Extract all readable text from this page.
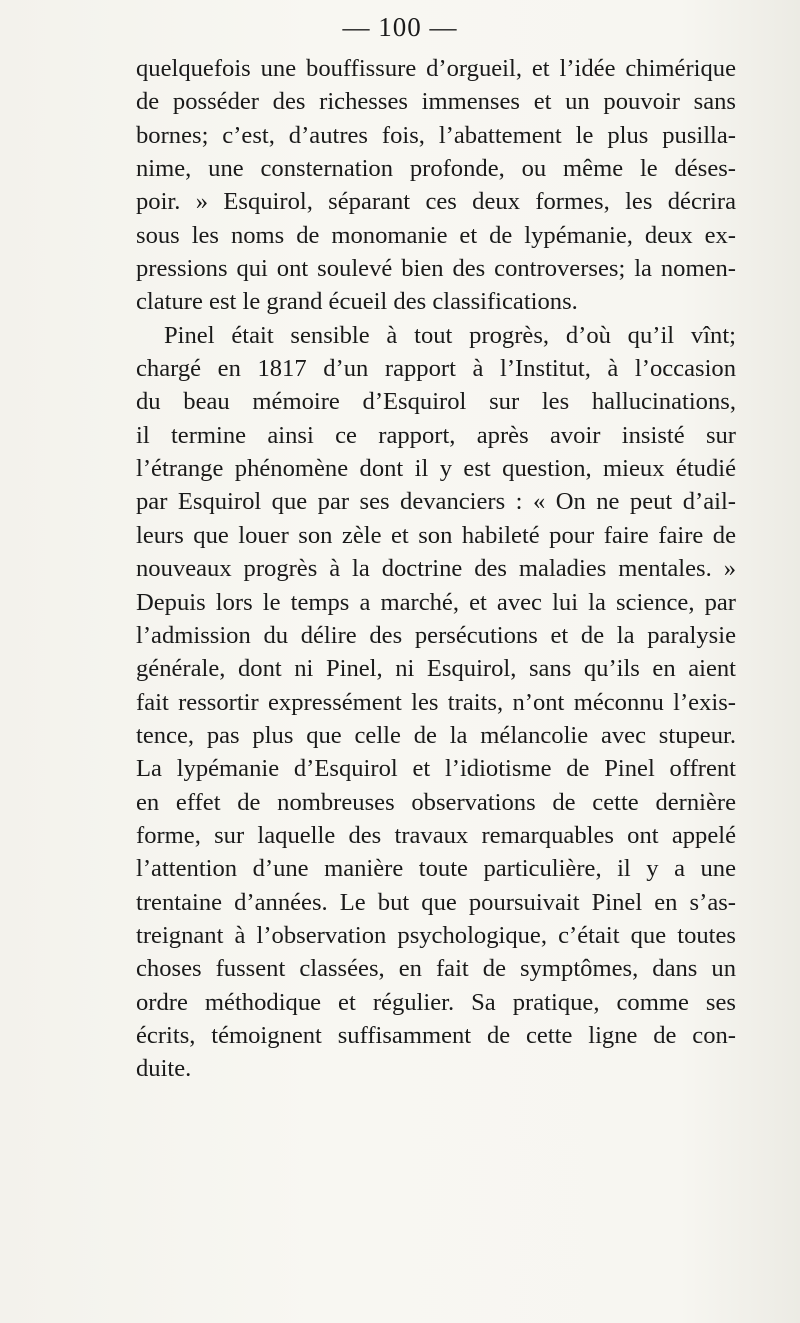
— 100 —
quelquefois une bouffissure d’orgueil, et l’idée chimérique
de posséder des richesses immenses et un pouvoir sans
bornes; c’est, d’autres fois, l’abattement le plus pusilla-
nime, une consternation profonde, ou même le déses-
poir. » Esquirol, séparant ces deux formes, les décrira
sous les noms de monomanie et de lypémanie, deux ex-
pressions qui ont soulevé bien des controverses; la nomen-
clature est le grand écueil des classifications.
Pinel était sensible à tout progrès, d’où qu’il vînt;
chargé en 1817 d’un rapport à l’Institut, à l’occasion
du beau mémoire d’Esquirol sur les hallucinations,
il termine ainsi ce rapport, après avoir insisté sur
l’étrange phénomène dont il y est question, mieux étudié
par Esquirol que par ses devanciers : « On ne peut d’ail-
leurs que louer son zèle et son habileté pour faire faire de
nouveaux progrès à la doctrine des maladies mentales. »
Depuis lors le temps a marché, et avec lui la science, par
l’admission du délire des persécutions et de la paralysie
générale, dont ni Pinel, ni Esquirol, sans qu’ils en aient
fait ressortir expressément les traits, n’ont méconnu l’exis-
tence, pas plus que celle de la mélancolie avec stupeur.
La lypémanie d’Esquirol et l’idiotisme de Pinel offrent
en effet de nombreuses observations de cette dernière
forme, sur laquelle des travaux remarquables ont appelé
l’attention d’une manière toute particulière, il y a une
trentaine d’années. Le but que poursuivait Pinel en s’as-
treignant à l’observation psychologique, c’était que toutes
choses fussent classées, en fait de symptômes, dans un
ordre méthodique et régulier. Sa pratique, comme ses
écrits, témoignent suffisamment de cette ligne de con-
duite.
